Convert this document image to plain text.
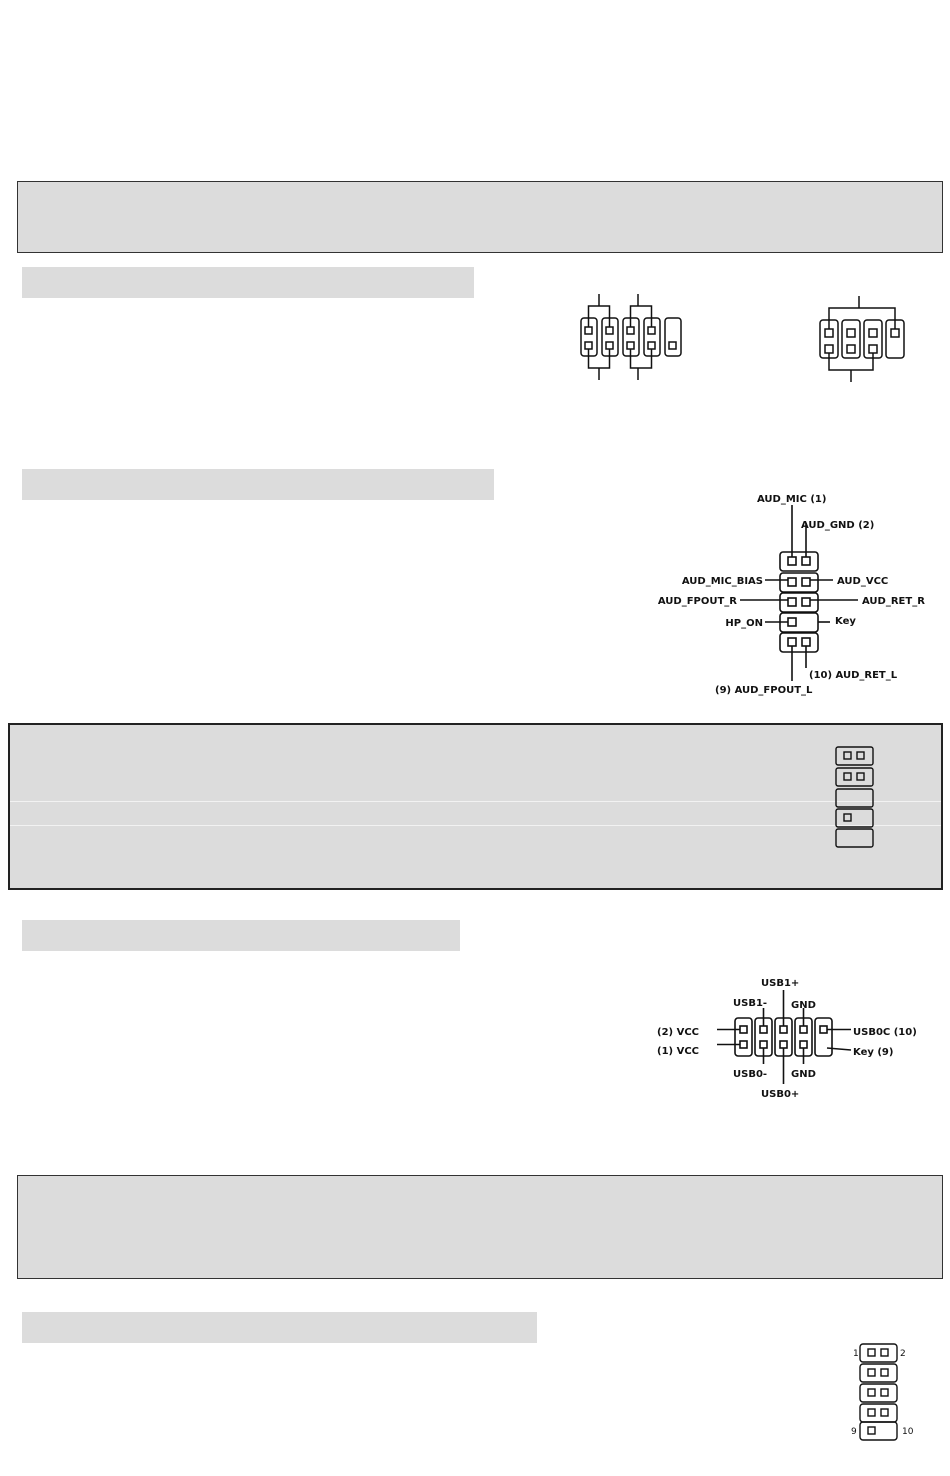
AUD_MIC (1)
AUD_GND (2)
AUD_MIC_BIAS	AUD_VCC
AUD_FPOUT_R	AUD_RET_R
HP_ON	Key
(10) AUD_RET_L
(9) AUD_FPOUT_L
USB1+
USB1- GND
(2) VCC
(1) VCC
USB0C (10)
Key (9)
USB0- GND
USB0+
1	2
9	10
